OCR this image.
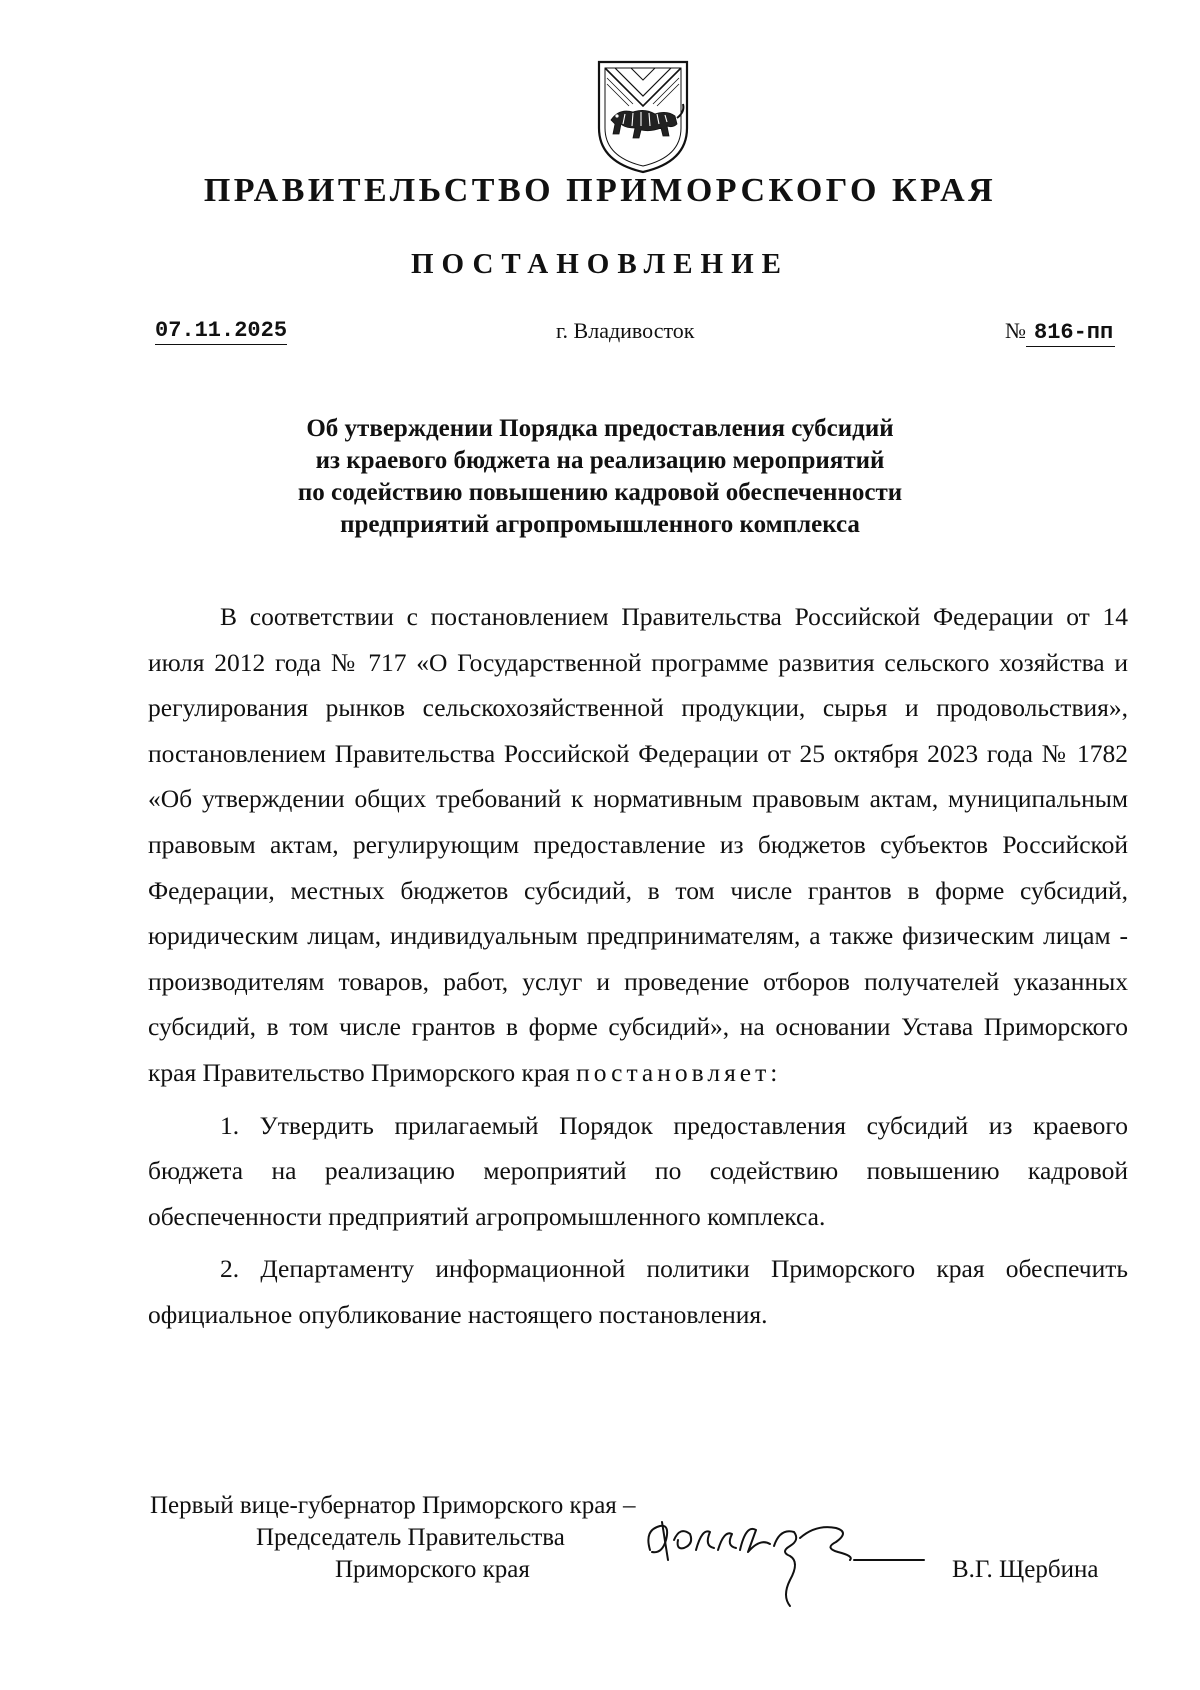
ПРАВИТЕЛЬСТВО ПРИМОРСКОГО КРАЯ
ПОСТАНОВЛЕНИЕ
07.11.2025	г. Владивосток	№ 816-пп
Об утверждении Порядка предоставления субсидий
из краевого бюджета на реализацию мероприятий
по содействию повышению кадровой обеспеченности
предприятий агропромышленного комплекса

В соответствии с постановлением Правительства Российской Федерации от 14 июля 2012 года № 717 «О Государственной программе развития сельского хозяйства и регулирования рынков сельскохозяйственной продукции, сырья и продовольствия», постановлением Правительства Российской Федерации от 25 октября 2023 года № 1782 «Об утверждении общих требований к нормативным правовым актам, муниципальным правовым актам, регулирующим предоставление из бюджетов субъектов Российской Федерации, местных бюджетов субсидий, в том числе грантов в форме субсидий, юридическим лицам, индивидуальным предпринимателям, а также физическим лицам - производителям товаров, работ, услуг и проведение отборов получателей указанных субсидий, в том числе грантов в форме субсидий», на основании Устава Приморского края Правительство Приморского края постановляет:

1. Утвердить прилагаемый Порядок предоставления субсидий из краевого бюджета на реализацию мероприятий по содействию повышению кадровой обеспеченности предприятий агропромышленного комплекса.

2. Департаменту информационной политики Приморского края обеспечить официальное опубликование настоящего постановления.

Первый вице-губернатор Приморского края –
Председатель Правительства
Приморского края	В.Г. Щербина
